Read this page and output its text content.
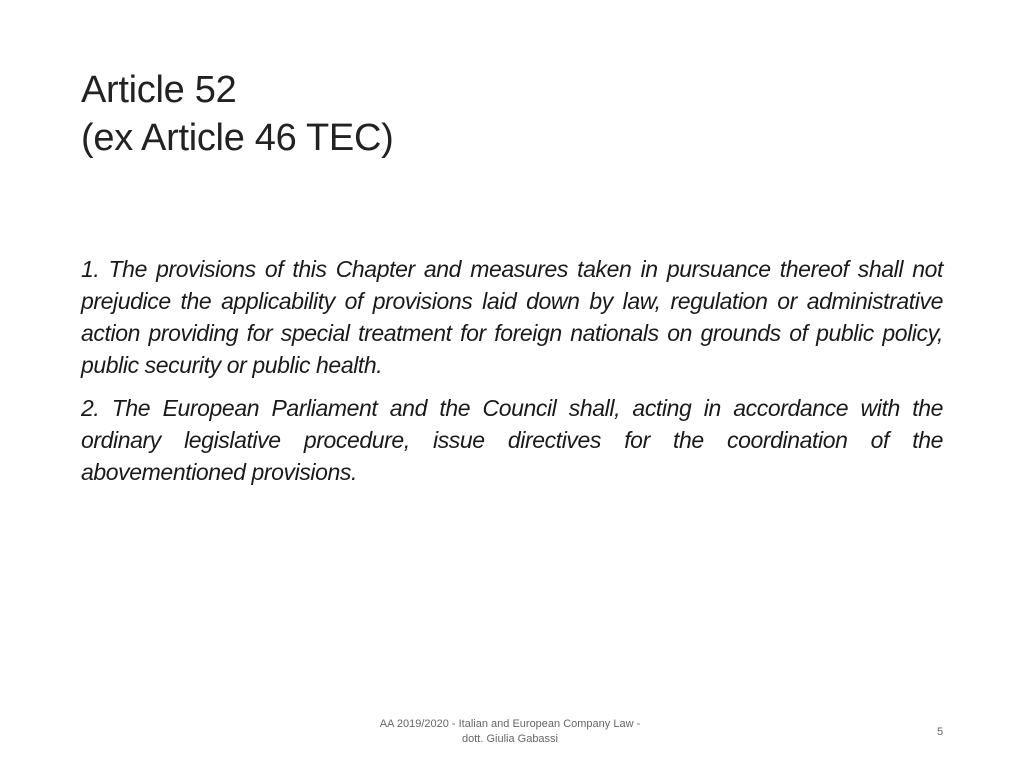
Article 52
(ex Article 46 TEC)

1. The provisions of this Chapter and measures taken in pursuance thereof shall not prejudice the applicability of provisions laid down by law, regulation or administrative action providing for special treatment for foreign nationals on grounds of public policy, public security or public health.

2. The European Parliament and the Council shall, acting in accordance with the ordinary legislative procedure, issue directives for the coordination of the abovementioned provisions.

AA 2019/2020 - Italian and European Company Law -
dott. Giulia Gabassi
5
